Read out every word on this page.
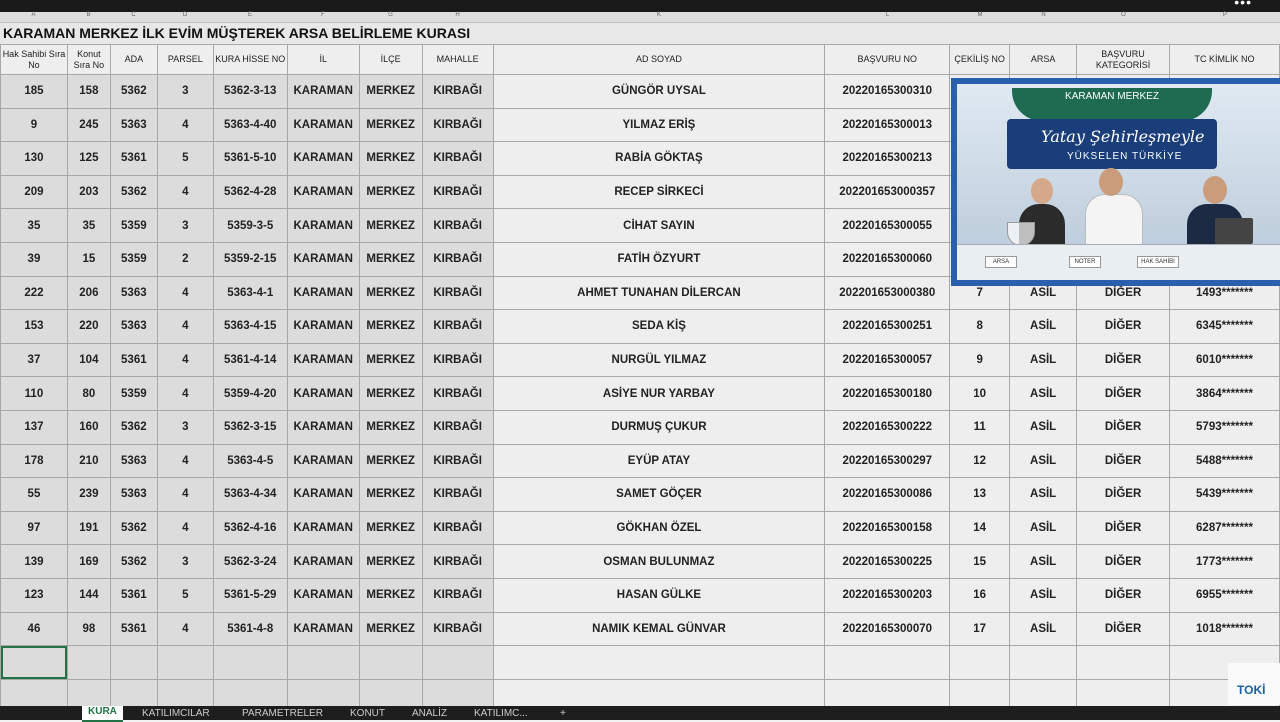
•••
A	B	C	D	E	F	G	H	K	L	M	N	O	P
KARAMAN MERKEZ İLK EVİM MÜŞTEREK ARSA BELİRLEME KURASI
Hak Sahibi Sıra No	Konut Sıra No	ADA	PARSEL	KURA HİSSE NO	İL	İLÇE	MAHALLE	AD SOYAD	BAŞVURU NO	ÇEKİLİŞ NO	ARSA	BAŞVURU KATEGORİSİ	TC KİMLİK NO
185	158	5362	3	5362-3-13	KARAMAN	MERKEZ	KIRBAĞI	GÜNGÖR UYSAL	20220165300310				
9	245	5363	4	5363-4-40	KARAMAN	MERKEZ	KIRBAĞI	YILMAZ ERİŞ	20220165300013				
130	125	5361	5	5361-5-10	KARAMAN	MERKEZ	KIRBAĞI	RABİA GÖKTAŞ	20220165300213				
209	203	5362	4	5362-4-28	KARAMAN	MERKEZ	KIRBAĞI	RECEP SİRKECİ	202201653000357				
35	35	5359	3	5359-3-5	KARAMAN	MERKEZ	KIRBAĞI	CİHAT SAYIN	20220165300055				
39	15	5359	2	5359-2-15	KARAMAN	MERKEZ	KIRBAĞI	FATİH ÖZYURT	20220165300060				
222	206	5363	4	5363-4-1	KARAMAN	MERKEZ	KIRBAĞI	AHMET TUNAHAN DİLERCAN	202201653000380	7	ASİL	DİĞER	1493*******
153	220	5363	4	5363-4-15	KARAMAN	MERKEZ	KIRBAĞI	SEDA KİŞ	20220165300251	8	ASİL	DİĞER	6345*******
37	104	5361	4	5361-4-14	KARAMAN	MERKEZ	KIRBAĞI	NURGÜL YILMAZ	20220165300057	9	ASİL	DİĞER	6010*******
110	80	5359	4	5359-4-20	KARAMAN	MERKEZ	KIRBAĞI	ASİYE NUR YARBAY	20220165300180	10	ASİL	DİĞER	3864*******
137	160	5362	3	5362-3-15	KARAMAN	MERKEZ	KIRBAĞI	DURMUŞ ÇUKUR	20220165300222	11	ASİL	DİĞER	5793*******
178	210	5363	4	5363-4-5	KARAMAN	MERKEZ	KIRBAĞI	EYÜP ATAY	20220165300297	12	ASİL	DİĞER	5488*******
55	239	5363	4	5363-4-34	KARAMAN	MERKEZ	KIRBAĞI	SAMET GÖÇER	20220165300086	13	ASİL	DİĞER	5439*******
97	191	5362	4	5362-4-16	KARAMAN	MERKEZ	KIRBAĞI	GÖKHAN ÖZEL	20220165300158	14	ASİL	DİĞER	6287*******
139	169	5362	3	5362-3-24	KARAMAN	MERKEZ	KIRBAĞI	OSMAN BULUNMAZ	20220165300225	15	ASİL	DİĞER	1773*******
123	144	5361	5	5361-5-29	KARAMAN	MERKEZ	KIRBAĞI	HASAN GÜLKE	20220165300203	16	ASİL	DİĞER	6955*******
46	98	5361	4	5361-4-8	KARAMAN	MERKEZ	KIRBAĞI	NAMIK KEMAL GÜNVAR	20220165300070	17	ASİL	DİĞER	1018*******

KARAMAN MERKEZ
Yatay Şehirleşmeyle
YÜKSELEN TÜRKİYE
ARSA	NOTER	HAK SAHİBİ
TOKİ
KURA	KATILIMCILAR	PARAMETRELER	KONUT	ANALİZ	KATILIMC...	+
